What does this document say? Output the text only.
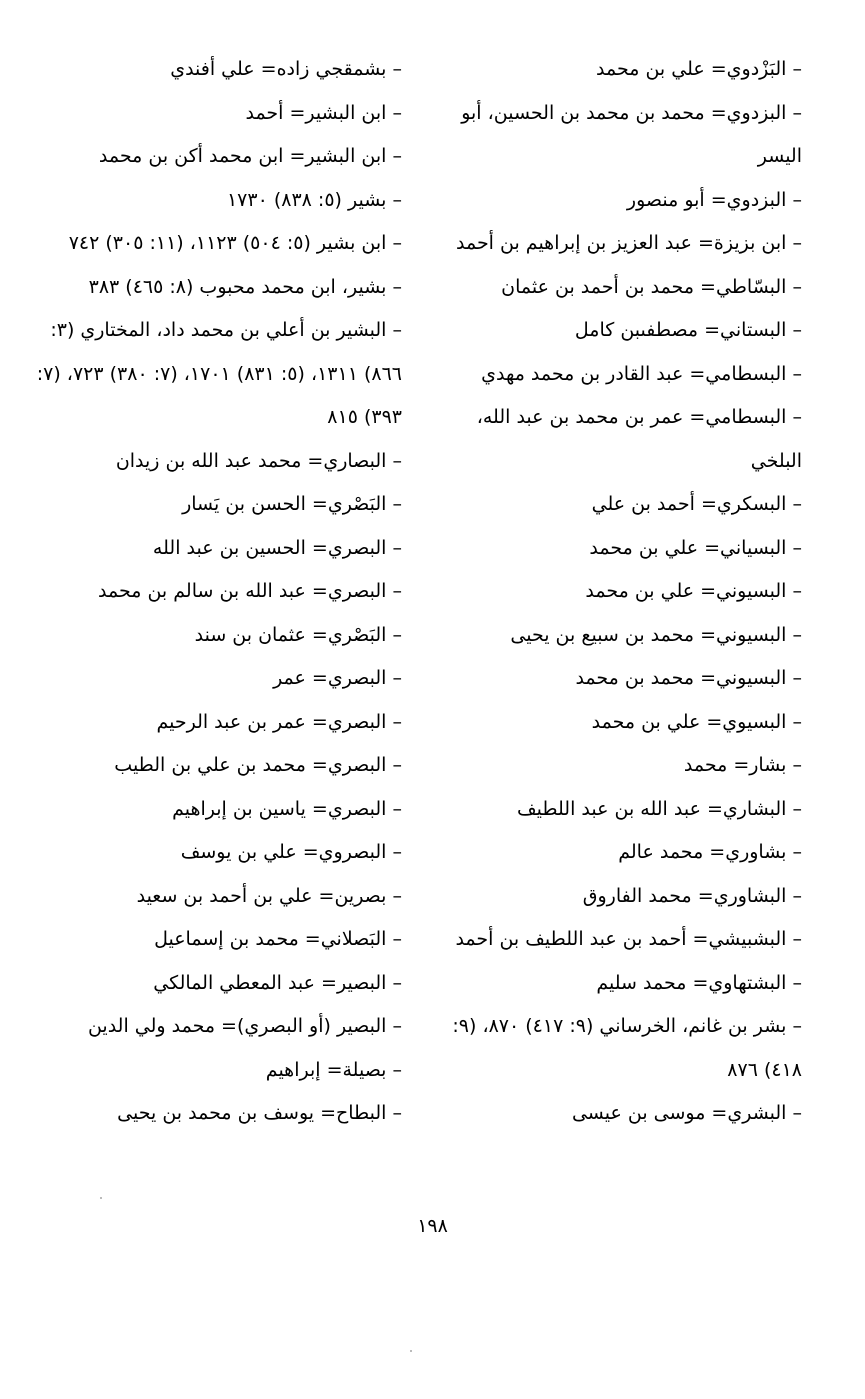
– البَزْدوي= علي بن محمد
– البزدوي= محمد بن محمد بن الحسين، أبو اليسر
– البزدوي= أبو منصور
– ابن بزيزة= عبد العزيز بن إبراهيم بن أحمد
– البسّاطي= محمد بن أحمد بن عثمان
– البستاني= مصطفىبن كامل
– البسطامي= عبد القادر بن محمد مهدي
– البسطامي= عمر بن محمد بن عبد الله، البلخي
– البسكري= أحمد بن علي
– البسياني= علي بن محمد
– البسيوني= علي بن محمد
– البسيوني= محمد بن سبيع بن يحيى
– البسيوني= محمد بن محمد
– البسيوي= علي بن محمد
– بشار= محمد
– البشاري= عبد الله بن عبد اللطيف
– بشاوري= محمد عالم
– البشاوري= محمد الفاروق
– البشبيشي= أحمد بن عبد اللطيف بن أحمد
– البشتهاوي= محمد سليم
– بشر بن غانم، الخرساني (٩: ٤١٧) ٨٧٠، (٩: ٤١٨) ٨٧٦
– البشري= موسى بن عيسى
– بشمقجي زاده= علي أفندي
– ابن البشير= أحمد
– ابن البشير= ابن محمد أكن بن محمد
– بشير (٥: ٨٣٨) ١٧٣٠
– ابن بشير (٥: ٥٠٤) ١١٢٣، (١١: ٣٠٥) ٧٤٢
– بشير، ابن محمد محبوب (٨: ٤٦٥) ٣٨٣
– البشير بن أعلي بن محمد داد، المختاري (٣: ٨٦٦) ١٣١١، (٥: ٨٣١) ١٧٠١، (٧: ٣٨٠) ٧٢٣، (٧: ٣٩٣) ٨١٥
– البصاري= محمد عبد الله بن زيدان
– البَصْري= الحسن بن يَسار
– البصري= الحسين بن عبد الله
– البصري= عبد الله بن سالم بن محمد
– البَصْري= عثمان بن سند
– البصري= عمر
– البصري= عمر بن عبد الرحيم
– البصري= محمد بن علي بن الطيب
– البصري= ياسين بن إبراهيم
– البصروي= علي بن يوسف
– بصرين= علي بن أحمد بن سعيد
– البَصلاني= محمد بن إسماعيل
– البصير= عبد المعطي المالكي
– البصير (أو البصري)= محمد ولي الدين
– بصيلة= إبراهيم
– البطاح= يوسف بن محمد بن يحيى
١٩٨
